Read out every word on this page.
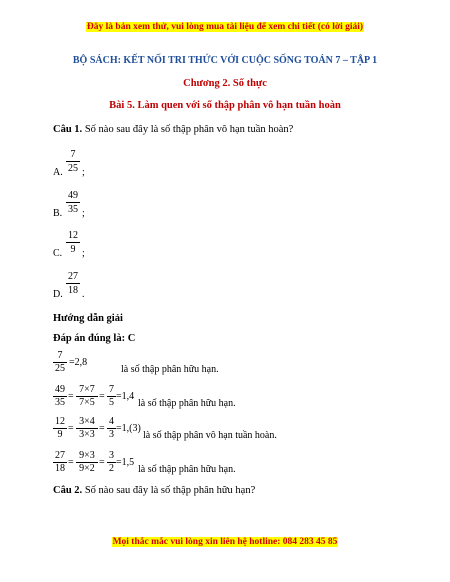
Đây là bản xem thử, vui lòng mua tài liệu để xem chi tiết (có lời giải)
BỘ SÁCH: KẾT NỐI TRI THỨC VỚI CUỘC SỐNG TOÁN 7 – TẬP 1
Chương 2. Số thực
Bài 5. Làm quen với số thập phân vô hạn tuần hoàn
Câu 1. Số nào sau đây là số thập phân vô hạn tuần hoàn?
A.
7
25 ;
B.
49
35 ;
C.
12
9 ;
D.
27
18 .
Hướng dẫn giải
Đáp án đúng là: C
7
25
=2,8
là số thập phân hữu hạn.
49
35
=
7×7
7×5
=
7
5
=1,4
là số thập phân hữu hạn.
12
9
=
3×4
3×3
=
4
3
=1,(3)
là số thập phân vô hạn tuần hoàn.
27
18
=
9×3
9×2
=
3
2
=1,5
là số thập phân hữu hạn.
Câu 2. Số nào sau đây là số thập phân hữu hạn?
Mọi thắc mắc vui lòng xin liên hệ hotline: 084 283 45 85
